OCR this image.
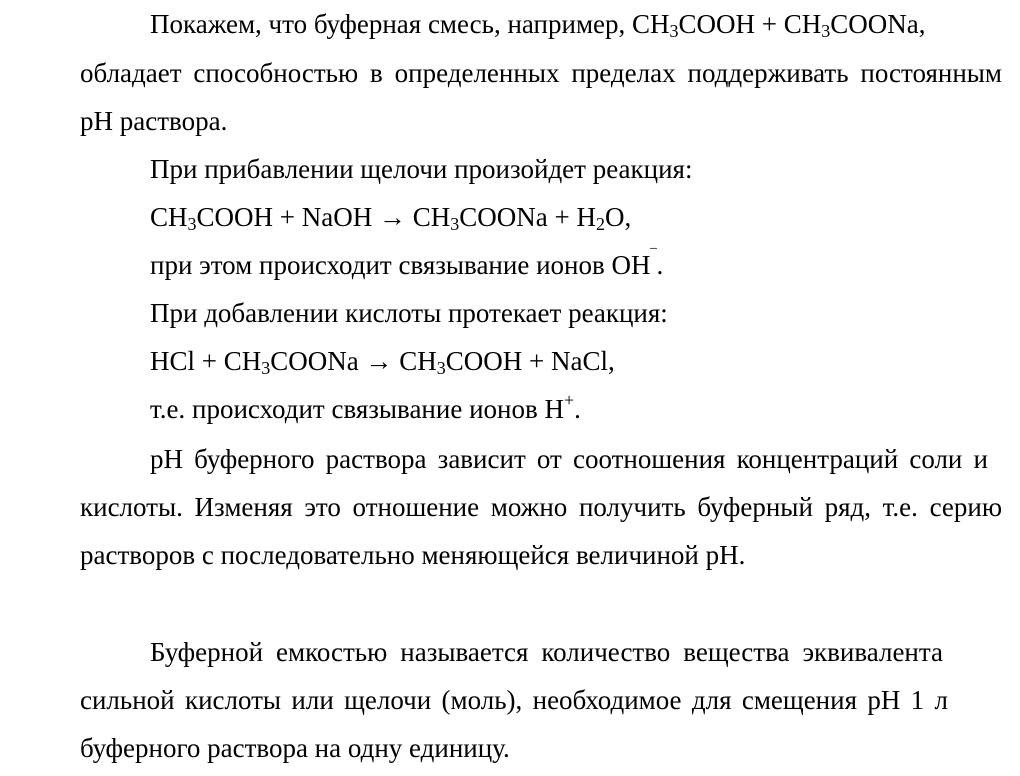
Покажем, что буферная смесь, например, $CH_3COOH$ + $CH_3COONa$,

обладает способностью в определенных пределах поддерживать постоянным

pH раствора.

При прибавлении щелочи произойдет реакция:

$CH_3COOH$ + NaOH → $CH_3COONa + H_2O$,

при этом происходит связывание ионов OH‾.

При добавлении кислоты протекает реакция:

HCl + $CH_3COONa$ → $CH_3COOH$ + NaCl,

т.е. происходит связывание ионов H+.

pH буферного раствора зависит от соотношения концентраций соли и

кислоты. Изменяя это отношение можно получить буферный ряд, т.е. серию

растворов с последовательно меняющейся величиной pH.

Буферной емкостью называется количество вещества эквивалента

сильной кислоты или щелочи (моль), необходимое для смещения pH 1 л

буферного раствора на одну единицу.
